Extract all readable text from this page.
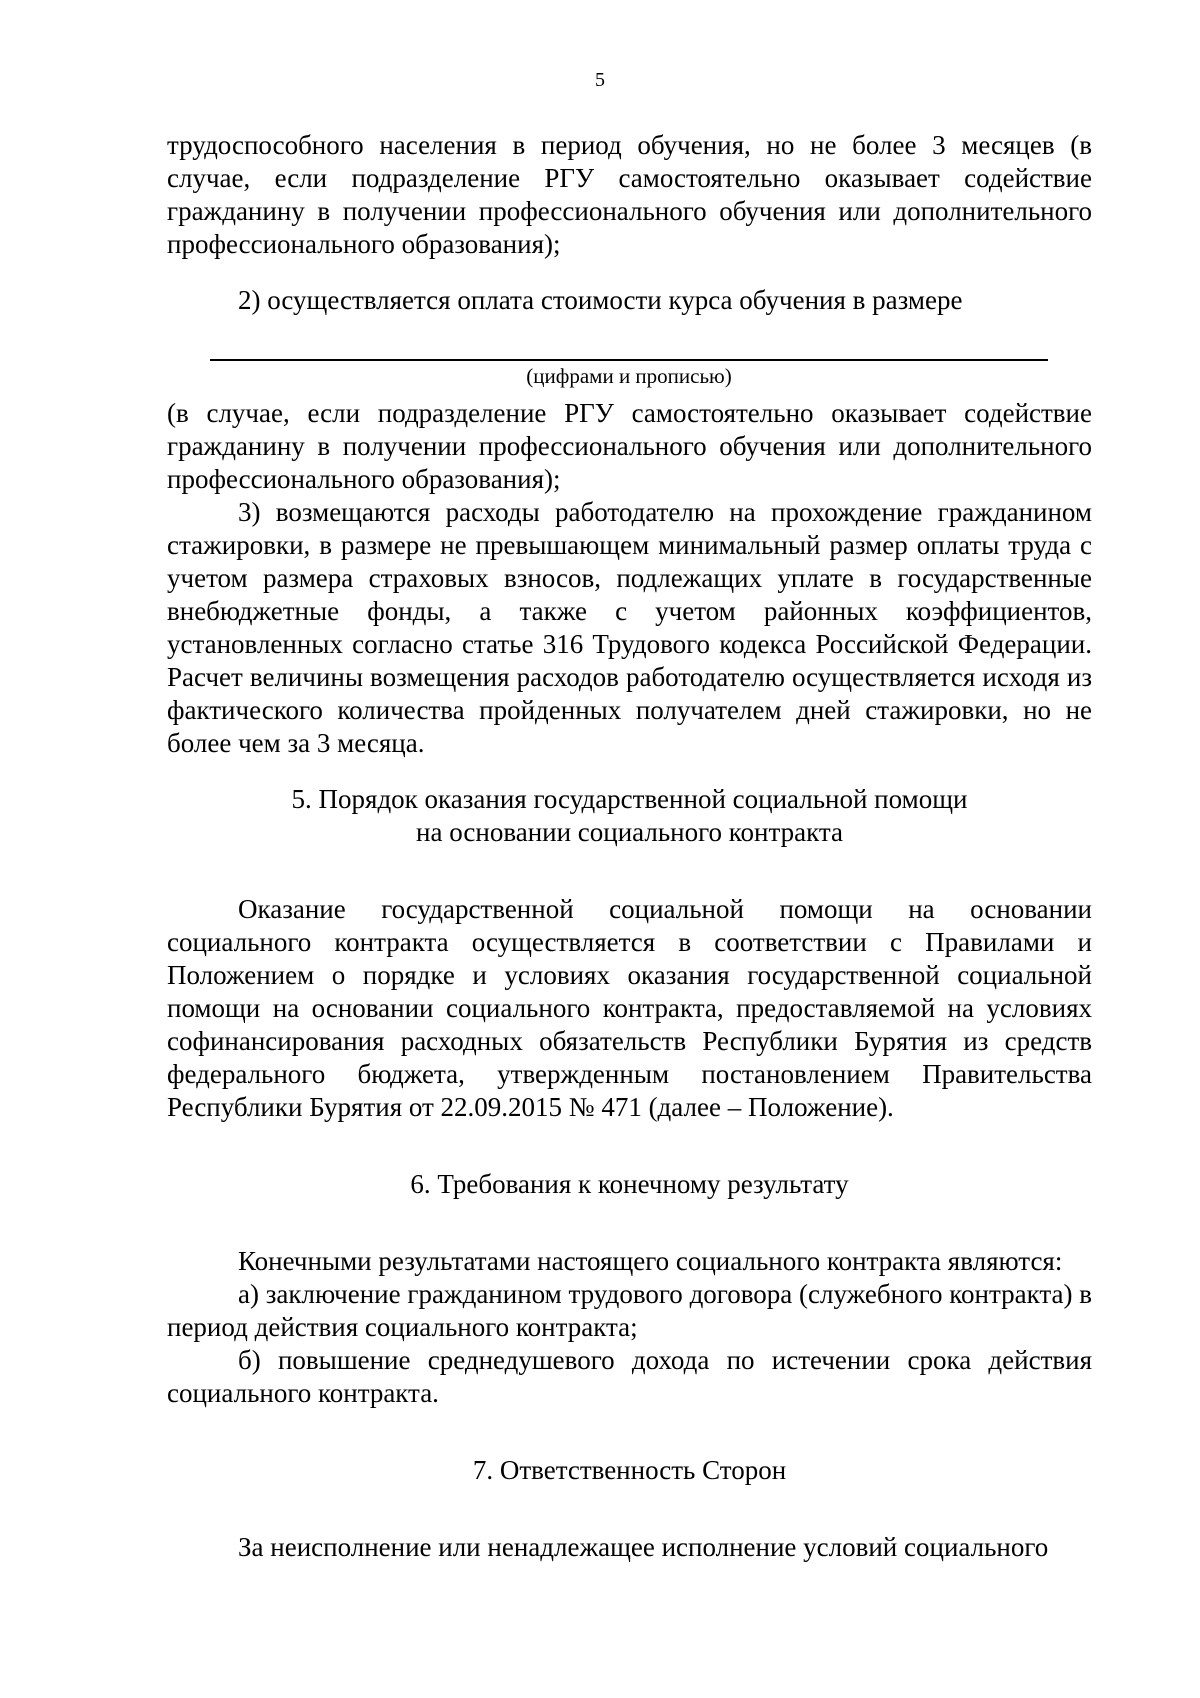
5

трудоспособного населения в период обучения, но не более 3 месяцев (в случае, если подразделение РГУ самостоятельно оказывает содействие гражданину в получении профессионального обучения или дополнительного профессионального образования);

2) осуществляется оплата стоимости курса обучения в размере

(цифрами и прописью)

(в случае, если подразделение РГУ самостоятельно оказывает содействие гражданину в получении профессионального обучения или дополнительного профессионального образования);

3) возмещаются расходы работодателю на прохождение гражданином стажировки, в размере не превышающем минимальный размер оплаты труда с учетом размера страховых взносов, подлежащих уплате в государственные внебюджетные фонды, а также с учетом районных коэффициентов, установленных согласно статье 316 Трудового кодекса Российской Федерации. Расчет величины возмещения расходов работодателю осуществляется исходя из фактического количества пройденных получателем дней стажировки, но не более чем за 3 месяца.

5. Порядок оказания государственной социальной помощи

на основании социального контракта

Оказание государственной социальной помощи на основании социального контракта осуществляется в соответствии с Правилами и Положением о порядке и условиях оказания государственной социальной помощи на основании социального контракта, предоставляемой на условиях софинансирования расходных обязательств Республики Бурятия из средств федерального бюджета, утвержденным постановлением Правительства Республики Бурятия от 22.09.2015 № 471 (далее – Положение).

6. Требования к конечному результату

Конечными результатами настоящего социального контракта являются:

а) заключение гражданином трудового договора (служебного контракта) в период действия социального контракта;

б) повышение среднедушевого дохода по истечении срока действия социального контракта.

7. Ответственность Сторон

За неисполнение или ненадлежащее исполнение условий социального
